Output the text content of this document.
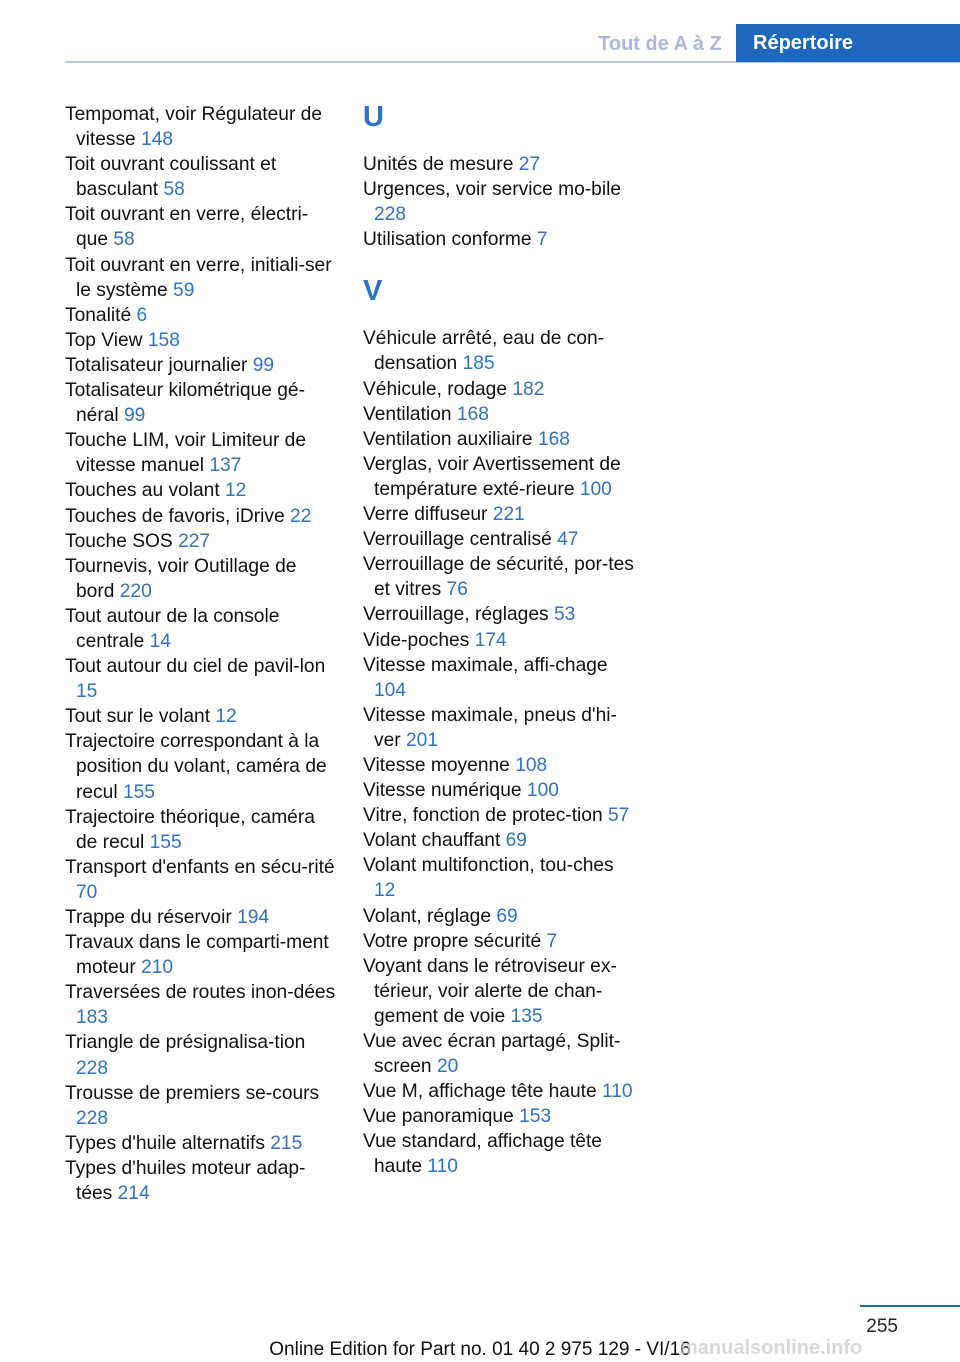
Tout de A à Z	Répertoire

Tempomat, voir Régulateur de vitesse 148

Toit ouvrant coulissant et basculant 58

Toit ouvrant en verre, électri-que 58

Toit ouvrant en verre, initiali-ser le système 59

Tonalité 6

Top View 158

Totalisateur journalier 99

Totalisateur kilométrique gé-néral 99

Touche LIM, voir Limiteur de vitesse manuel 137

Touches au volant 12

Touches de favoris, iDrive 22

Touche SOS 227

Tournevis, voir Outillage de bord 220

Tout autour de la console centrale 14

Tout autour du ciel de pavil-lon 15

Tout sur le volant 12

Trajectoire correspondant à la position du volant, caméra de recul 155

Trajectoire théorique, caméra de recul 155

Transport d'enfants en sécu-rité 70

Trappe du réservoir 194

Travaux dans le comparti-ment moteur 210

Traversées de routes inon-dées 183

Triangle de présignalisa-tion 228

Trousse de premiers se-cours 228

Types d'huile alternatifs 215

Types d'huiles moteur adap-tées 214

U

Unités de mesure 27

Urgences, voir service mo-bile 228

Utilisation conforme 7

V

Véhicule arrêté, eau de con-densation 185

Véhicule, rodage 182

Ventilation 168

Ventilation auxiliaire 168

Verglas, voir Avertissement de température exté-rieure 100

Verre diffuseur 221

Verrouillage centralisé 47

Verrouillage de sécurité, por-tes et vitres 76

Verrouillage, réglages 53

Vide-poches 174

Vitesse maximale, affi-chage 104

Vitesse maximale, pneus d'hi-ver 201

Vitesse moyenne 108

Vitesse numérique 100

Vitre, fonction de protec-tion 57

Volant chauffant 69

Volant multifonction, tou-ches 12

Volant, réglage 69

Votre propre sécurité 7

Voyant dans le rétroviseur ex-térieur, voir alerte de chan-gement de voie 135

Vue avec écran partagé, Split-screen 20

Vue M, affichage tête haute 110

Vue panoramique 153

Vue standard, affichage tête haute 110

255
Online Edition for Part no. 01 40 2 975 129 - VI/16
manualsonline.info
